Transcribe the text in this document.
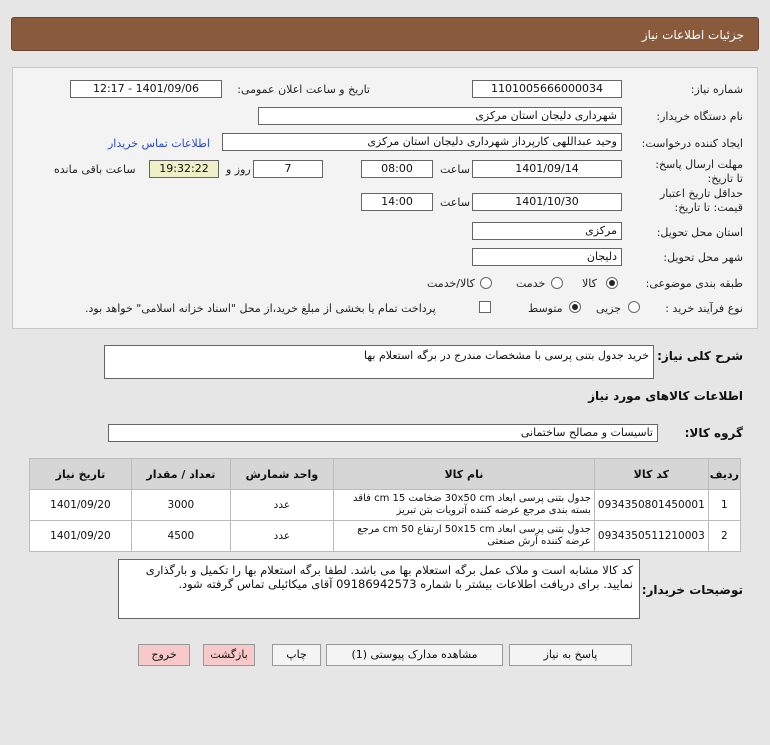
جزئیات اطلاعات نیاز
شماره نیاز:
1101005666000034
تاریخ و ساعت اعلان عمومی:
1401/09/06 - 12:17
نام دستگاه خریدار:
شهرداری دلیجان استان مرکزی
ایجاد کننده درخواست:
وحید عبداللهی کارپرداز شهرداری دلیجان استان مرکزی
اطلاعات تماس خریدار
مهلت ارسال پاسخ: تا تاریخ:
1401/09/14
ساعت
08:00
7
روز و
19:32:22
ساعت باقی مانده
حداقل تاریخ اعتبار قیمت: تا تاریخ:
1401/10/30
ساعت
14:00
استان محل تحویل:
مرکزی
شهر محل تحویل:
دلیجان
طبقه بندی موضوعی:
کالا
خدمت
کالا/خدمت
نوع فرآیند خرید :
جزیی
متوسط
پرداخت تمام یا بخشی از مبلغ خرید،از محل "اسناد خزانه اسلامی" خواهد بود.
شرح کلی نیاز:
خرید جدول بتنی پرسی با مشخصات مندرج در برگه استعلام بها
اطلاعات کالاهای مورد نیاز
گروه کالا:
تاسیسات و مصالح ساختمانی
ردیف	کد کالا	نام کالا	واحد شمارش	تعداد / مقدار	تاریخ نیاز
1	0934350801450001	جدول بتنی پرسی ابعاد 30x50 cm ضخامت 15 cm فاقد بسته بندی مرجع عرضه کننده آترویات بتن تبریز	عدد	3000	1401/09/20
2	0934350511210003	جدول بتنی پرسی ابعاد 50x15 cm ارتفاع 50 cm مرجع عرضه کننده آرش صنعتی	عدد	4500	1401/09/20
توضیحات خریدار:
کد کالا مشابه است و ملاک عمل برگه استعلام بها می باشد. لطفا برگه استعلام بها را تکمیل و بارگذاری نمایید. برای دریافت اطلاعات بیشتر با شماره 09186942573 آقای میکائیلی تماس گرفته شود.
پاسخ به نیاز
مشاهده مدارک پیوستی (1)
چاپ
بازگشت
خروج
